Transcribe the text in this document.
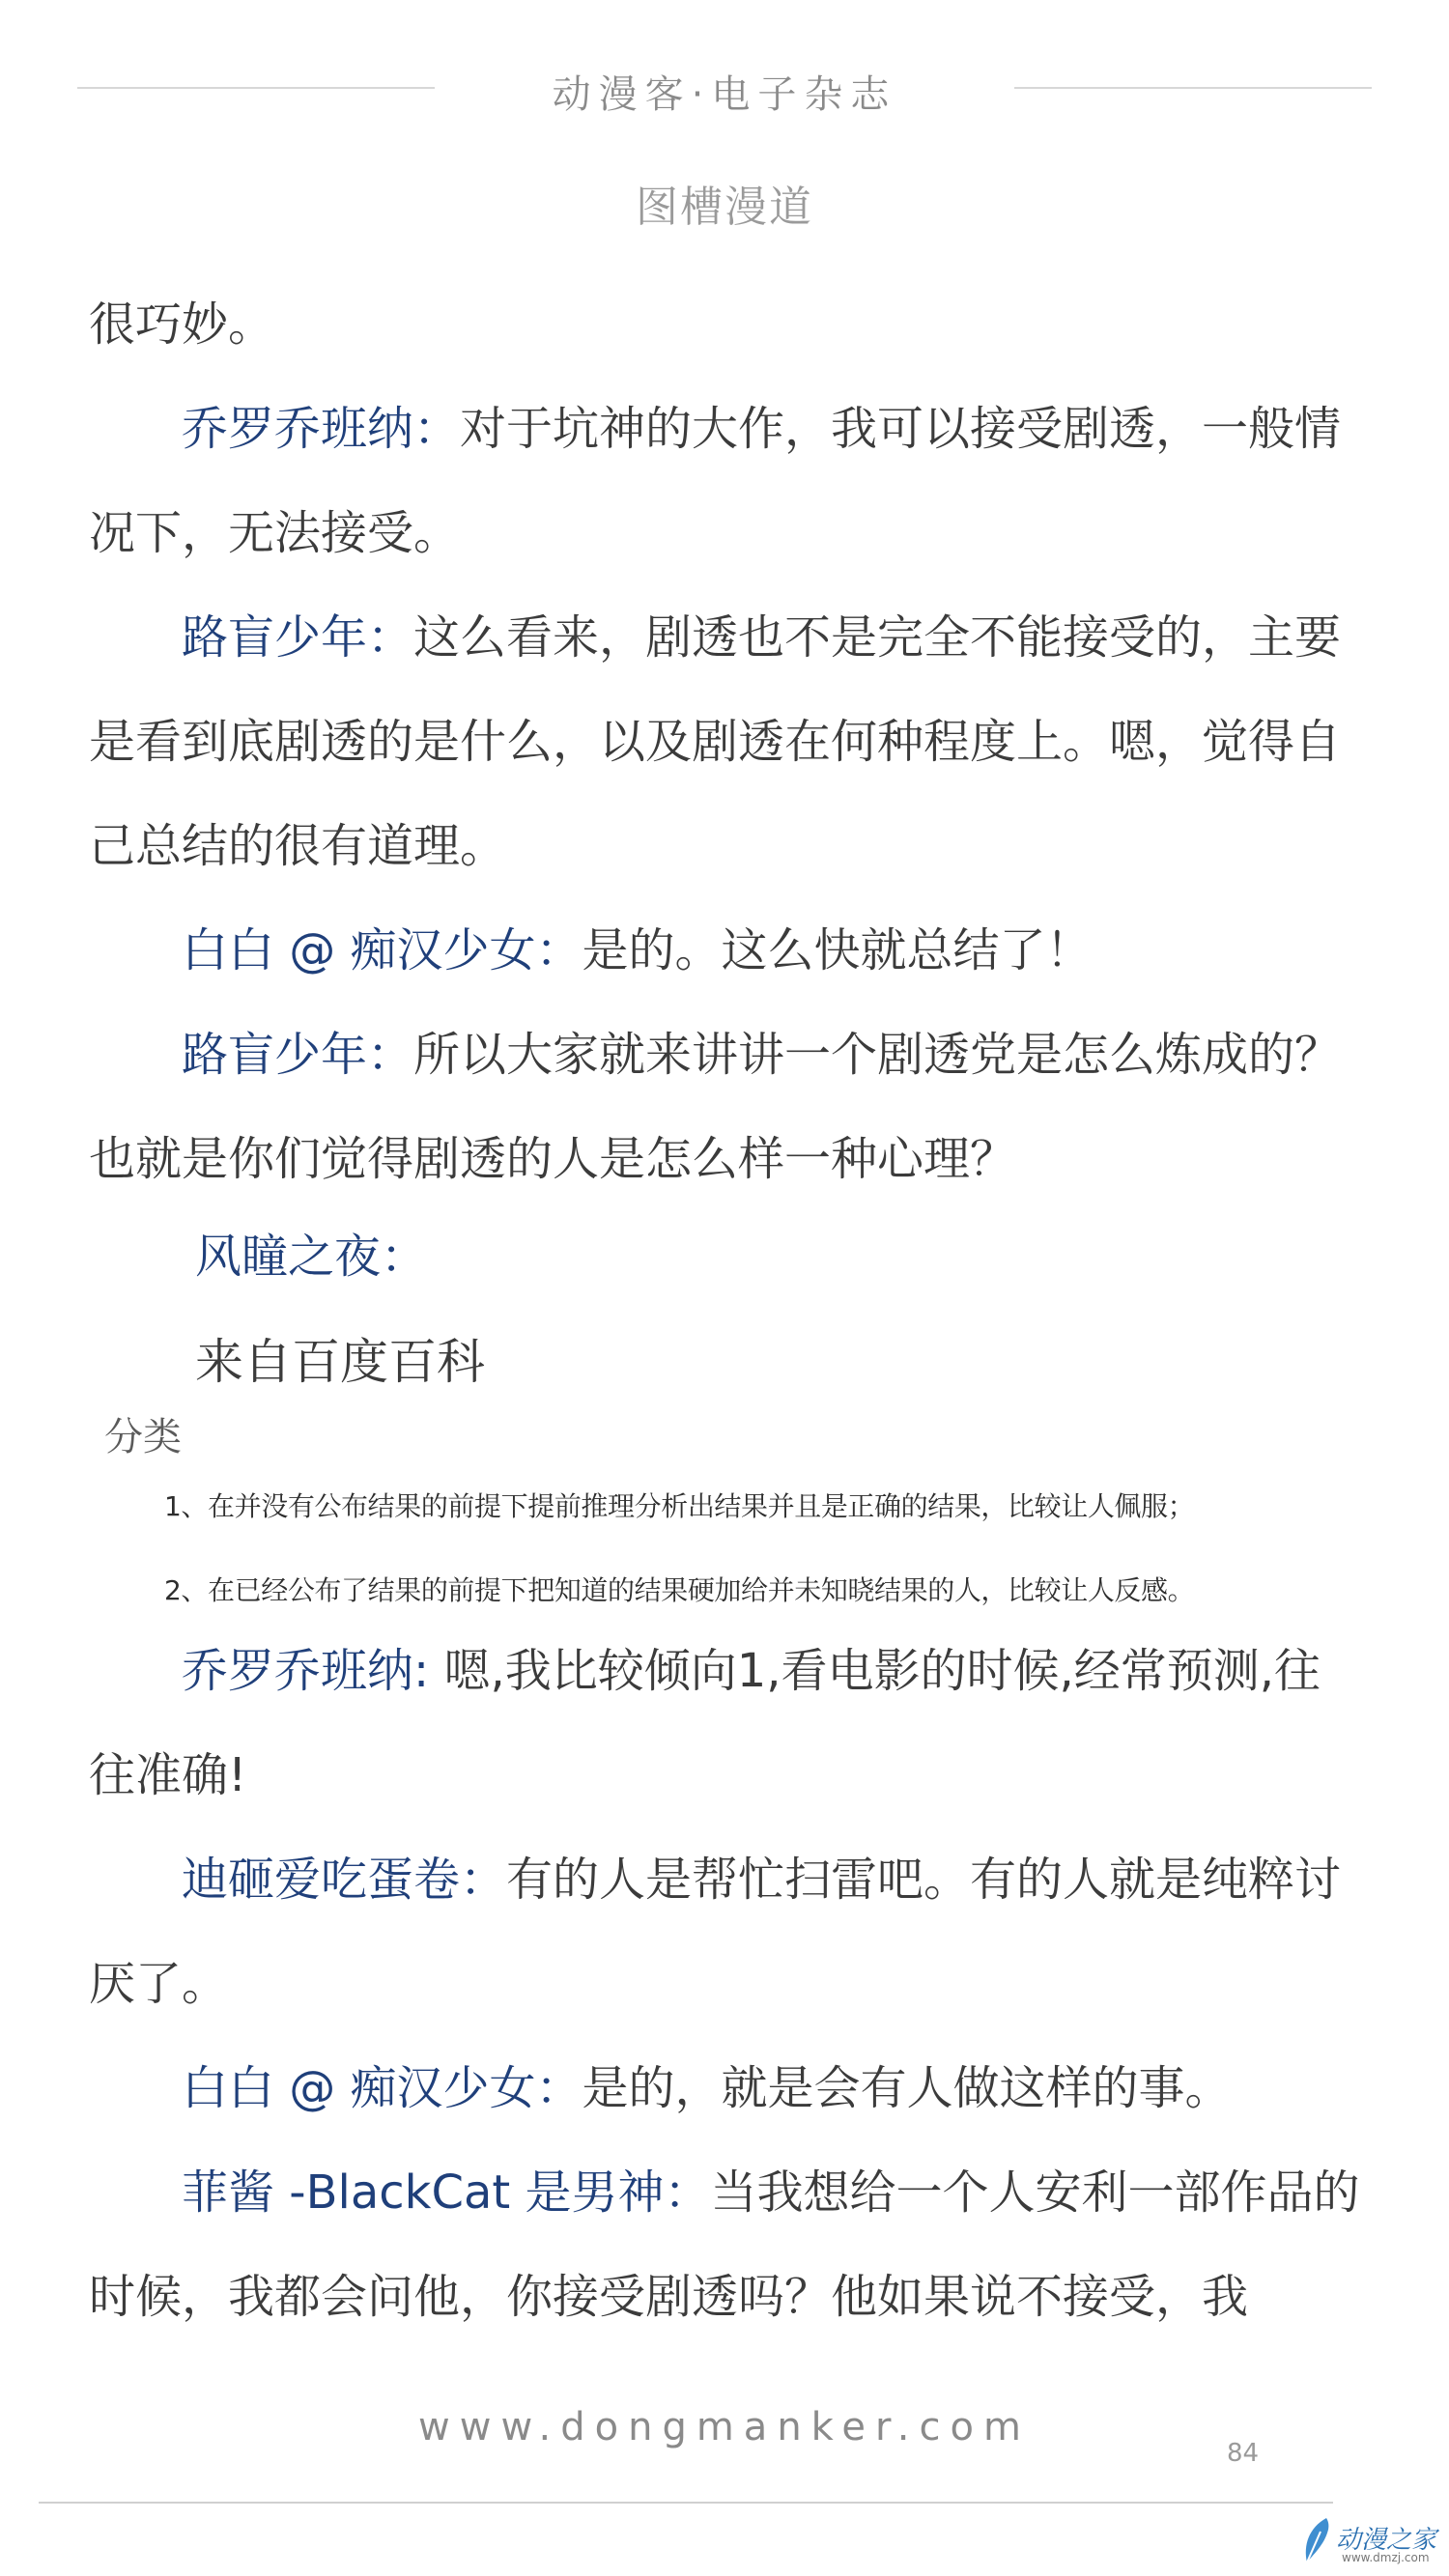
动漫客·电子杂志
图槽漫道

很巧妙。

乔罗乔班纳：对于坑神的大作，我可以接受剧透，一般情况下，无法接受。

路盲少年：这么看来，剧透也不是完全不能接受的，主要是看到底剧透的是什么，以及剧透在何种程度上。嗯，觉得自己总结的很有道理。

白白 @ 痴汉少女：是的。这么快就总结了！

路盲少年：所以大家就来讲讲一个剧透党是怎么炼成的？也就是你们觉得剧透的人是怎么样一种心理？

风瞳之夜：
来自百度百科
分类
1、在并没有公布结果的前提下提前推理分析出结果并且是正确的结果，比较让人佩服；
2、在已经公布了结果的前提下把知道的结果硬加给并未知晓结果的人，比较让人反感。

乔罗乔班纳: 嗯,我比较倾向1,看电影的时候,经常预测,往往准确!

迪砸爱吃蛋卷：有的人是帮忙扫雷吧。有的人就是纯粹讨厌了。

白白 @ 痴汉少女：是的，就是会有人做这样的事。

菲酱 -BlackCat 是男神：当我想给一个人安利一部作品的时候，我都会问他，你接受剧透吗？他如果说不接受，我

www.dongmanker.com
84
动漫之家
www.dmzj.com
